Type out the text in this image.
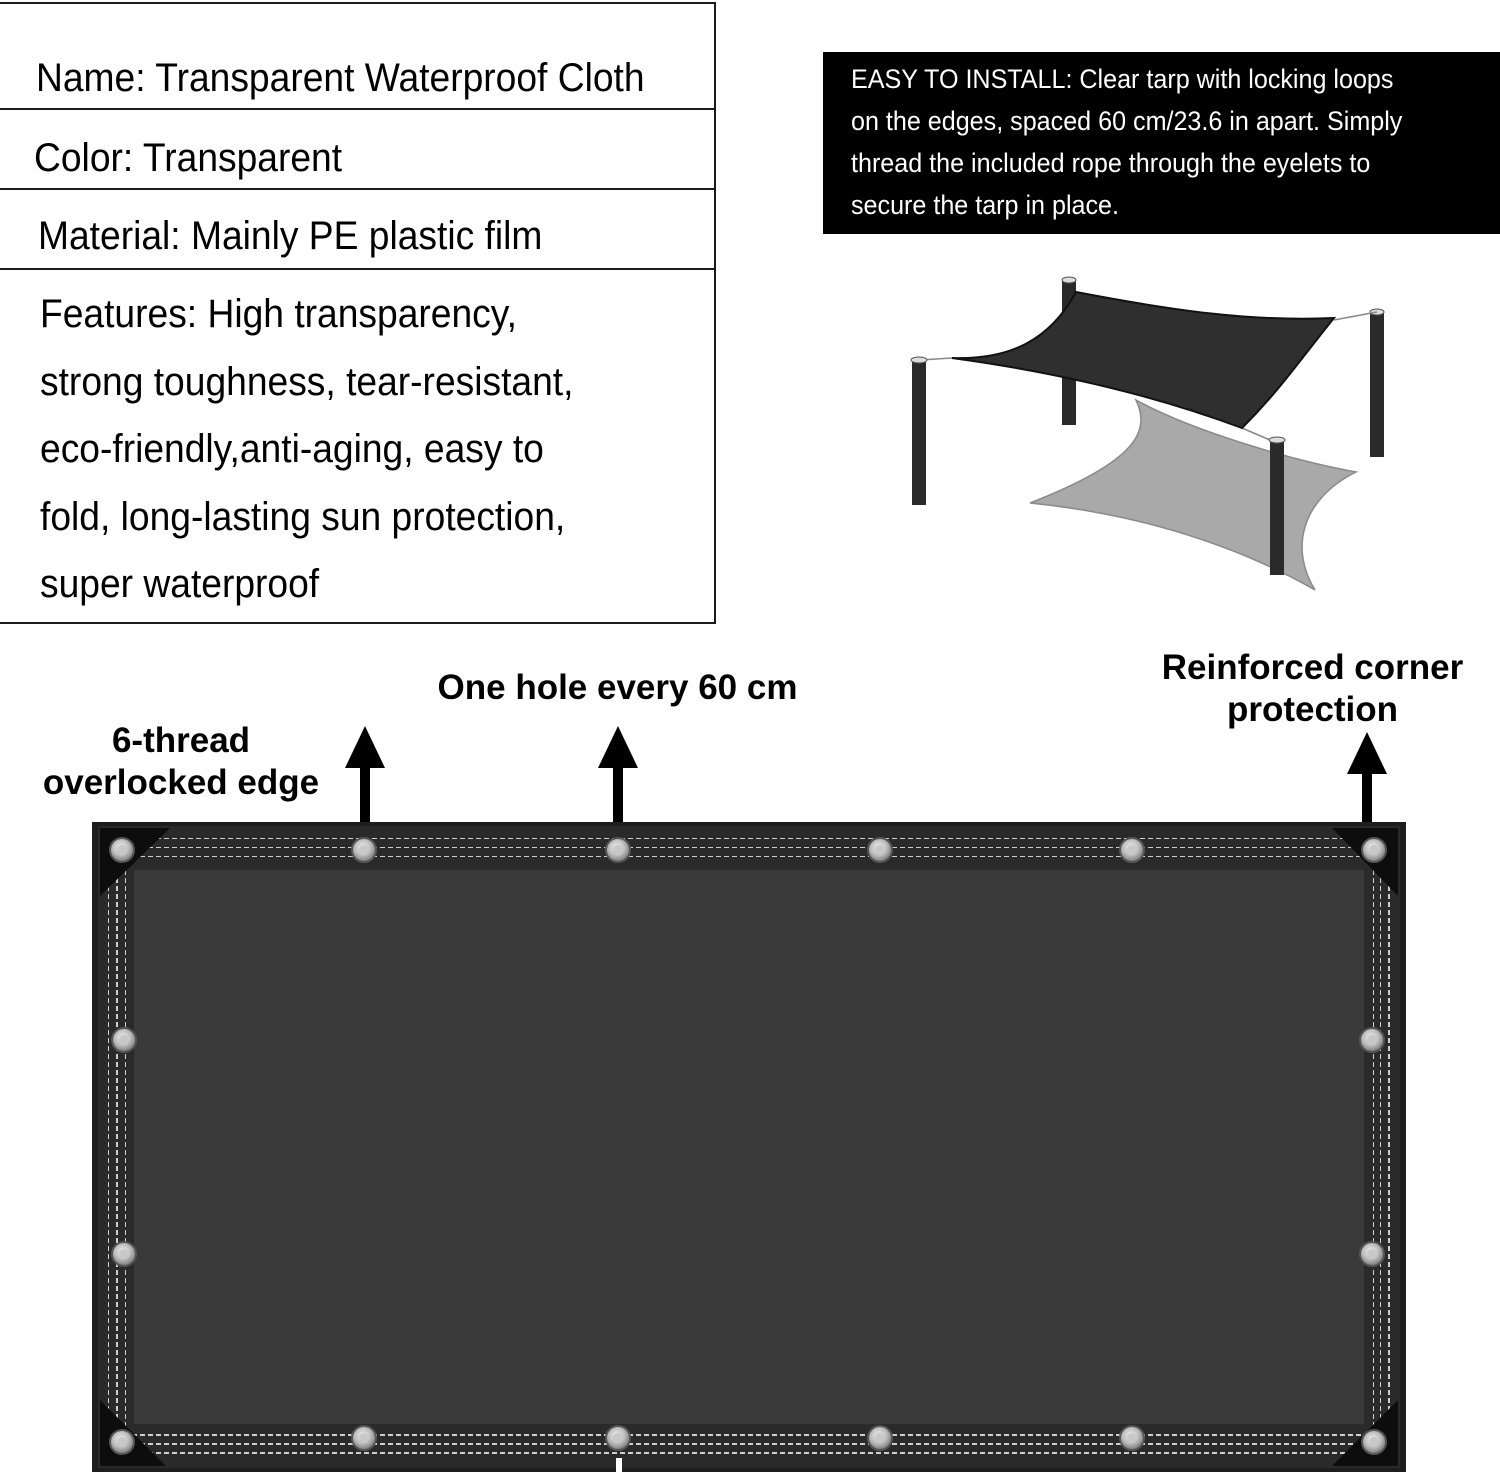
Name: Transparent Waterproof Cloth
Color: Transparent
Material: Mainly PE plastic film
Features: High transparency,
strong toughness, tear-resistant,
eco-friendly,anti-aging, easy to
fold, long-lasting sun protection,
super waterproof
EASY TO INSTALL: Clear tarp with locking loops
on the edges, spaced 60 cm/23.6 in apart. Simply
thread the included rope through the eyelets to
secure the tarp in place.
6-thread
overlocked edge
One hole every 60 cm
Reinforced corner
protection
